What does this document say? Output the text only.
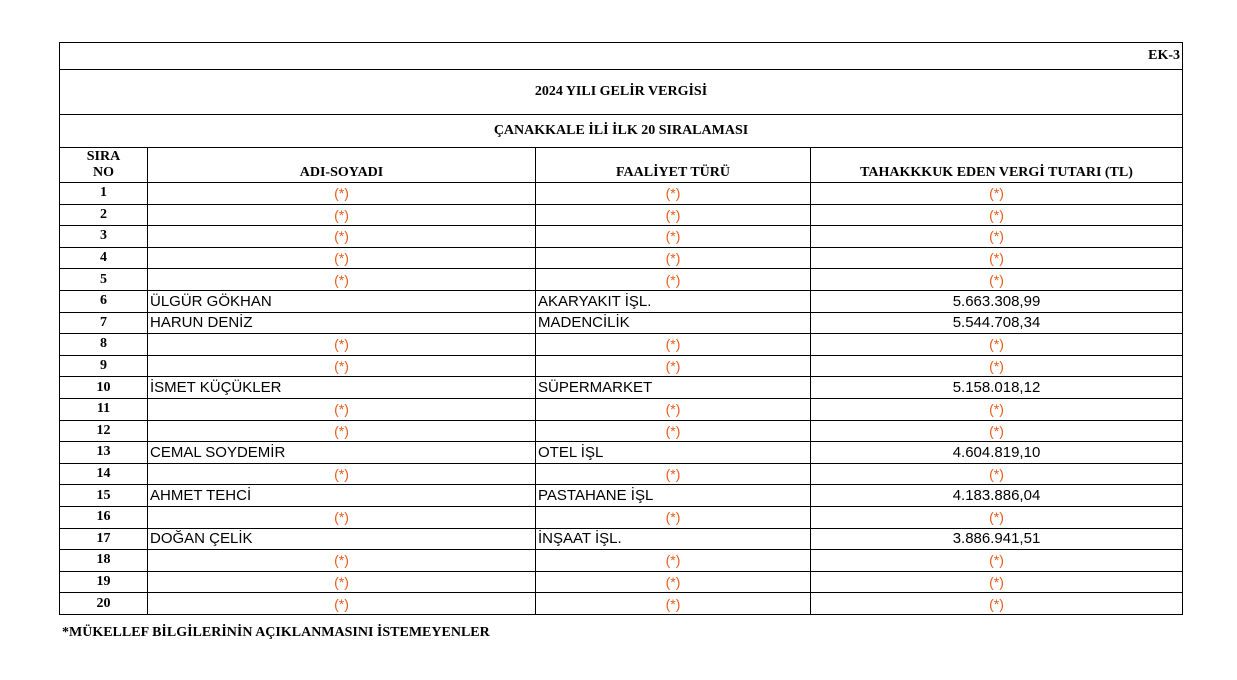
EK-3			
2024 YILI GELİR VERGİSİ			
ÇANAKKALE İLİ İLK 20 SIRALAMASI			
SIRA
NO	ADI-SOYADI	FAALİYET TÜRÜ	TAHAKKKUK EDEN VERGİ TUTARI (TL)
1	(*)	(*)	(*)
2	(*)	(*)	(*)
3	(*)	(*)	(*)
4	(*)	(*)	(*)
5	(*)	(*)	(*)
6	ÜLGÜR GÖKHAN	AKARYAKIT İŞL.	5.663.308,99
7	HARUN DENİZ	MADENCİLİK	5.544.708,34
8	(*)	(*)	(*)
9	(*)	(*)	(*)
10	İSMET KÜÇÜKLER	SÜPERMARKET	5.158.018,12
11	(*)	(*)	(*)
12	(*)	(*)	(*)
13	CEMAL SOYDEMİR	OTEL İŞL	4.604.819,10
14	(*)	(*)	(*)
15	AHMET TEHCİ	PASTAHANE İŞL	4.183.886,04
16	(*)	(*)	(*)
17	DOĞAN ÇELİK	İNŞAAT İŞL.	3.886.941,51
18	(*)	(*)	(*)
19	(*)	(*)	(*)
20	(*)	(*)	(*)
*MÜKELLEF BİLGİLERİNİN AÇIKLANMASINI İSTEMEYENLER
